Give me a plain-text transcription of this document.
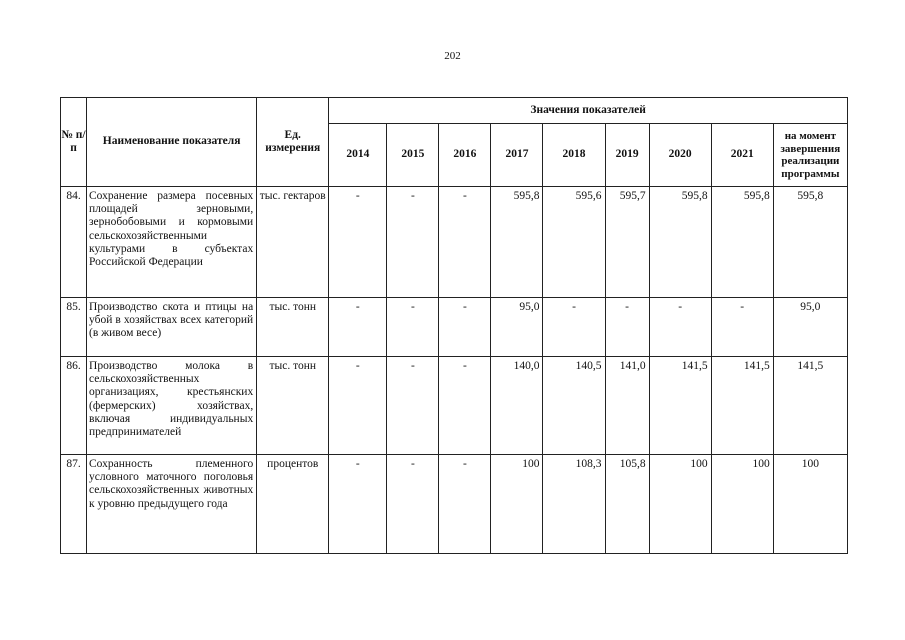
202
№ п/п	Наименование показателя	Ед. измерения	Значения показателей								
			2014	2015	2016	2017	2018	2019	2020	2021	на момент завершения реализации программы
84.	Сохранение размера посевных площадей зерновыми, зернобобовыми и кормовыми сельскохозяйственными культурами в субъектах Российской Федерации	тыс. гектаров	-	-	-	595,8	595,6	595,7	595,8	595,8	595,8
85.	Производство скота и птицы на убой в хозяйствах всех категорий (в живом весе)	тыс. тонн	-	-	-	95,0	-	-	-	-	95,0
86.	Производство молока в сельскохозяйственных организациях, крестьянских (фермерских) хозяйствах, включая индивидуальных предпринимателей	тыс. тонн	-	-	-	140,0	140,5	141,0	141,5	141,5	141,5
87.	Сохранность племенного условного маточного поголовья сельскохозяйственных животных к уровню предыдущего года	процентов	-	-	-	100	108,3	105,8	100	100	100
